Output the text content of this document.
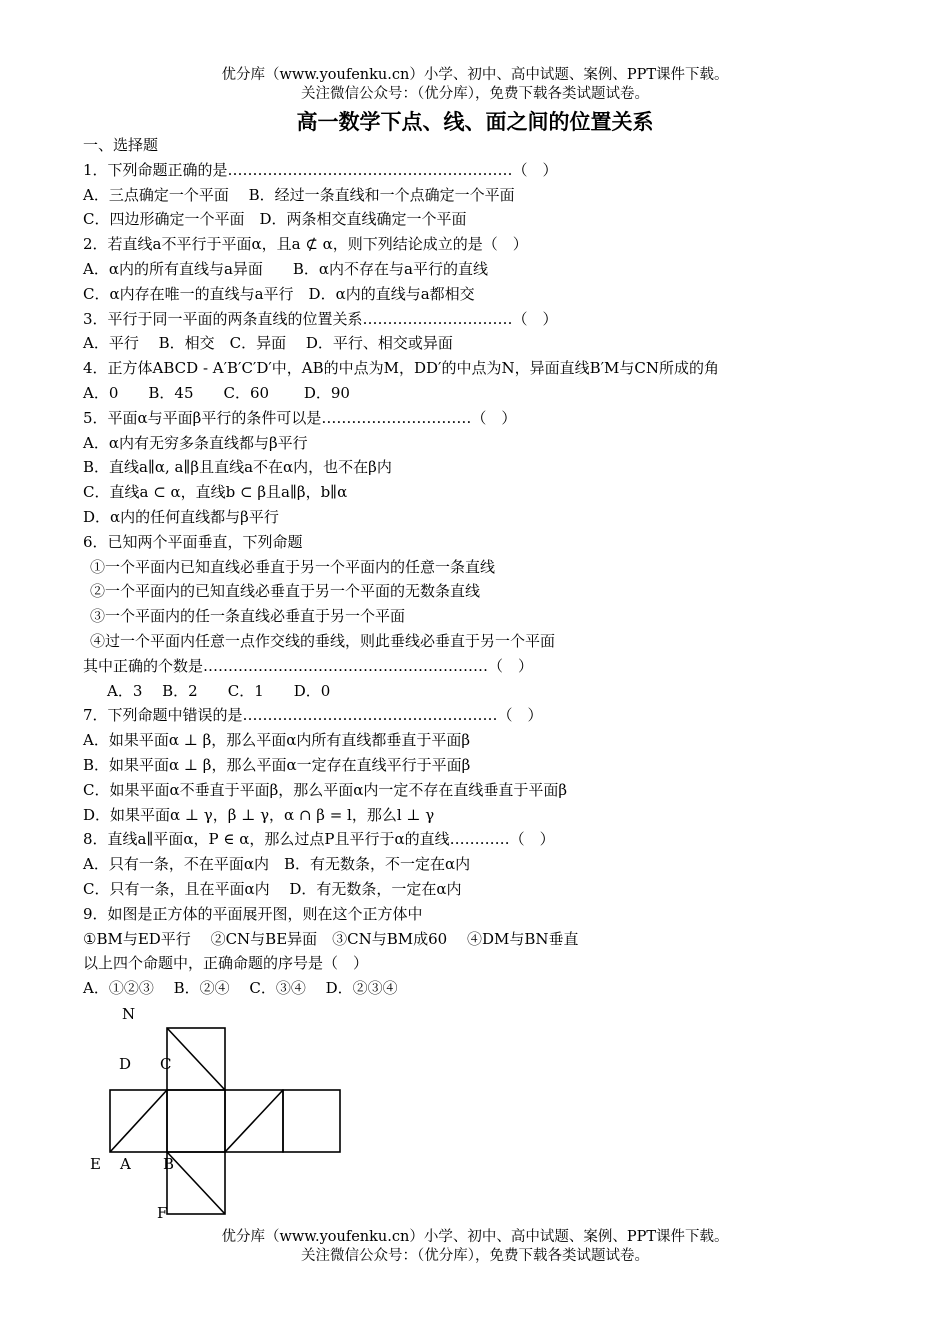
优分库（www.youfenku.cn）小学、初中、高中试题、案例、PPT课件下载。
关注微信公众号：（优分库），免费下载各类试题试卷。
高一数学下点、线、面之间的位置关系
一、选择题
1．下列命题正确的是…………………………………………………（　）
A．三点确定一个平面　 B．经过一条直线和一个点确定一个平面
C．四边形确定一个平面　D．两条相交直线确定一个平面
2．若直线a不平行于平面α，且a ⊄ α，则下列结论成立的是（　）
A．α内的所有直线与a异面　　B．α内不存在与a平行的直线
C．α内存在唯一的直线与a平行　D．α内的直线与a都相交
3．平行于同一平面的两条直线的位置关系…………………………（　）
A．平行　 B．相交　C．异面　 D．平行、相交或异面
4．正方体ABCD - A′B′C′D′中，AB的中点为M，DD′的中点为N，异面直线B′M与CN所成的角
A．0　　B．45　　C．60　　 D．90
5．平面α与平面β平行的条件可以是…………………………（　）
A．α内有无穷多条直线都与β平行
B．直线a∥α, a∥β且直线a不在α内，也不在β内
C．直线a ⊂ α，直线b ⊂ β且a∥β，b∥α
D．α内的任何直线都与β平行
6．已知两个平面垂直，下列命题
①一个平面内已知直线必垂直于另一个平面内的任意一条直线
②一个平面内的已知直线必垂直于另一个平面的无数条直线
③一个平面内的任一条直线必垂直于另一个平面
④过一个平面内任意一点作交线的垂线，则此垂线必垂直于另一个平面
其中正确的个数是…………………………………………………（　）
A．3　 B．2　　C．1　　D．0
7．下列命题中错误的是……………………………………………（　）
A．如果平面α ⊥ β，那么平面α内所有直线都垂直于平面β
B．如果平面α ⊥ β，那么平面α一定存在直线平行于平面β
C．如果平面α不垂直于平面β，那么平面α内一定不存在直线垂直于平面β
D．如果平面α ⊥ γ，β ⊥ γ，α ∩ β = l，那么l ⊥ γ
8．直线a∥平面α，P ∈ α，那么过点P且平行于α的直线…………（　）
A．只有一条，不在平面α内　B．有无数条，不一定在α内
C．只有一条，且在平面α内　 D．有无数条，一定在α内
9．如图是正方体的平面展开图，则在这个正方体中
①BM与ED平行　 ②CN与BE异面　③CN与BM成60　 ④DM与BN垂直
以上四个命题中，正确命题的序号是（　）
A．①②③　 B．②④　 C．③④　 D．②③④
N
D C
E A B
F
优分库（www.youfenku.cn）小学、初中、高中试题、案例、PPT课件下载。
关注微信公众号：（优分库），免费下载各类试题试卷。
